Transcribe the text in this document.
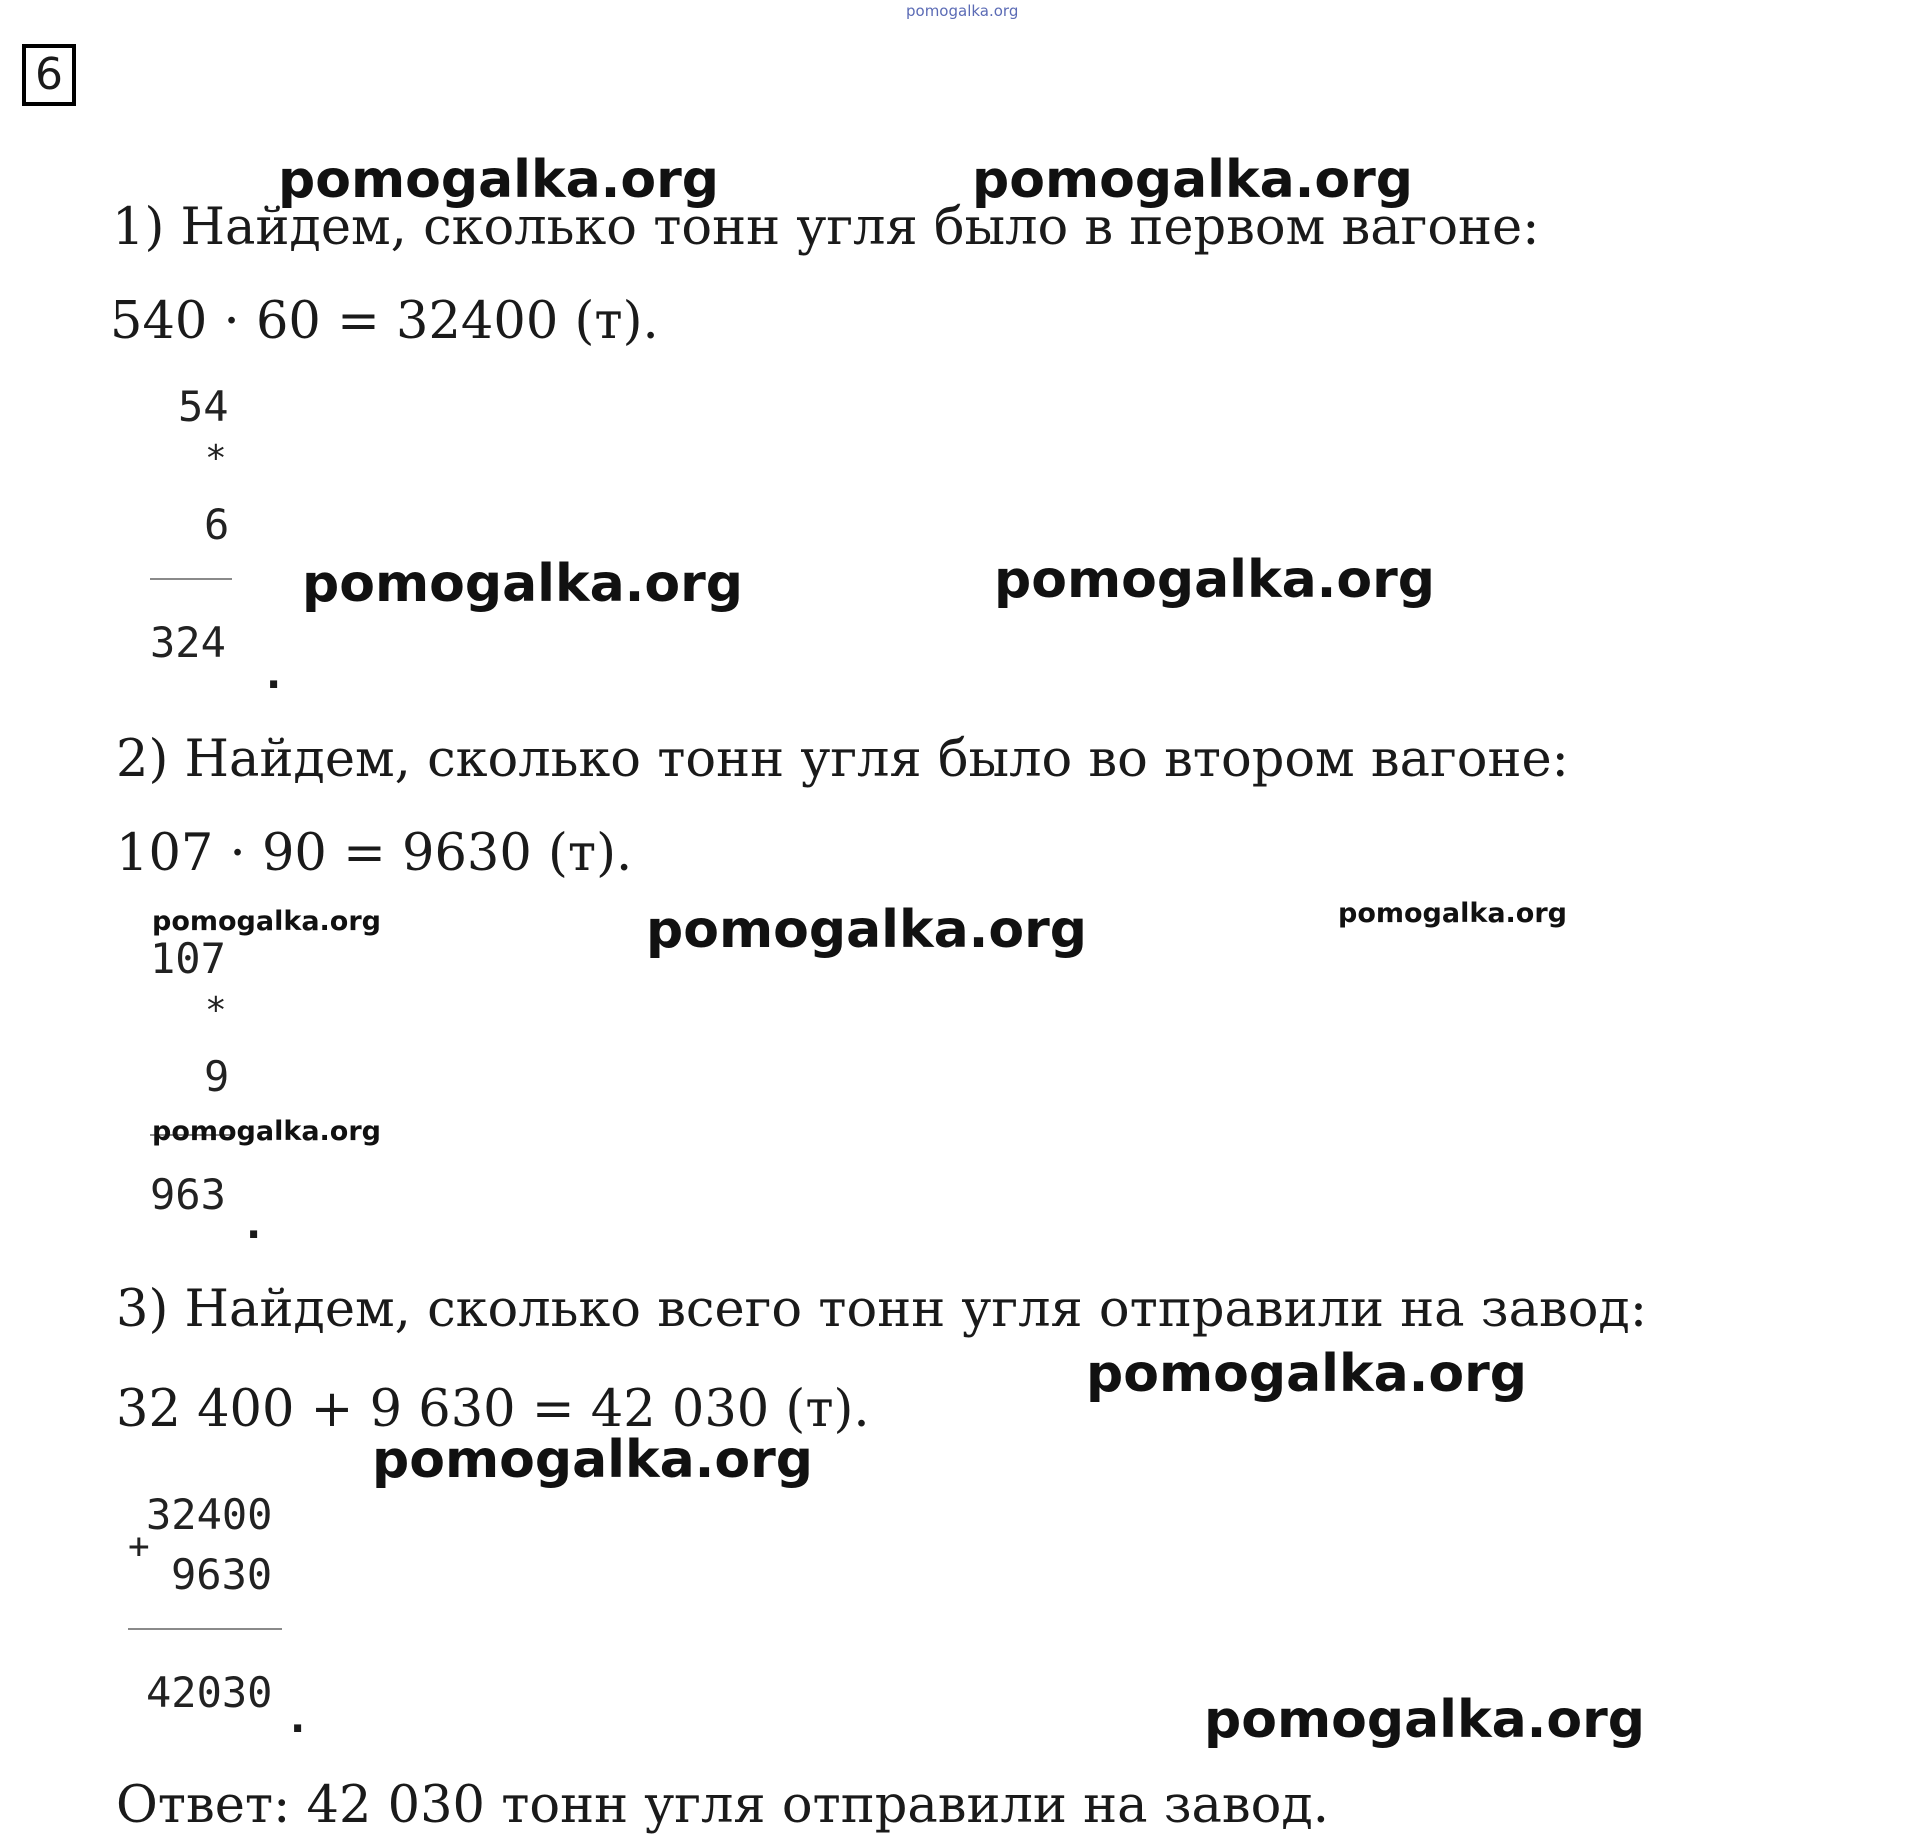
pomogalka.org
6
pomogalka.org	pomogalka.org
1) Найдем, сколько тонн угля было в первом вагоне:
540 · 60 = 32400 (т).
54
*
6
324
.
pomogalka.org	pomogalka.org
2) Найдем, сколько тонн угля было во втором вагоне:
107 · 90 = 9630 (т).
pomogalka.org	pomogalka.org	pomogalka.org
107
*
9
963
.
pomogalka.org
3) Найдем, сколько всего тонн угля отправили на завод:
32 400 + 9 630 = 42 030 (т).
pomogalka.org
pomogalka.org
32400
+
9630
42030
.	pomogalka.org
Ответ: 42 030 тонн угля отправили на завод.
